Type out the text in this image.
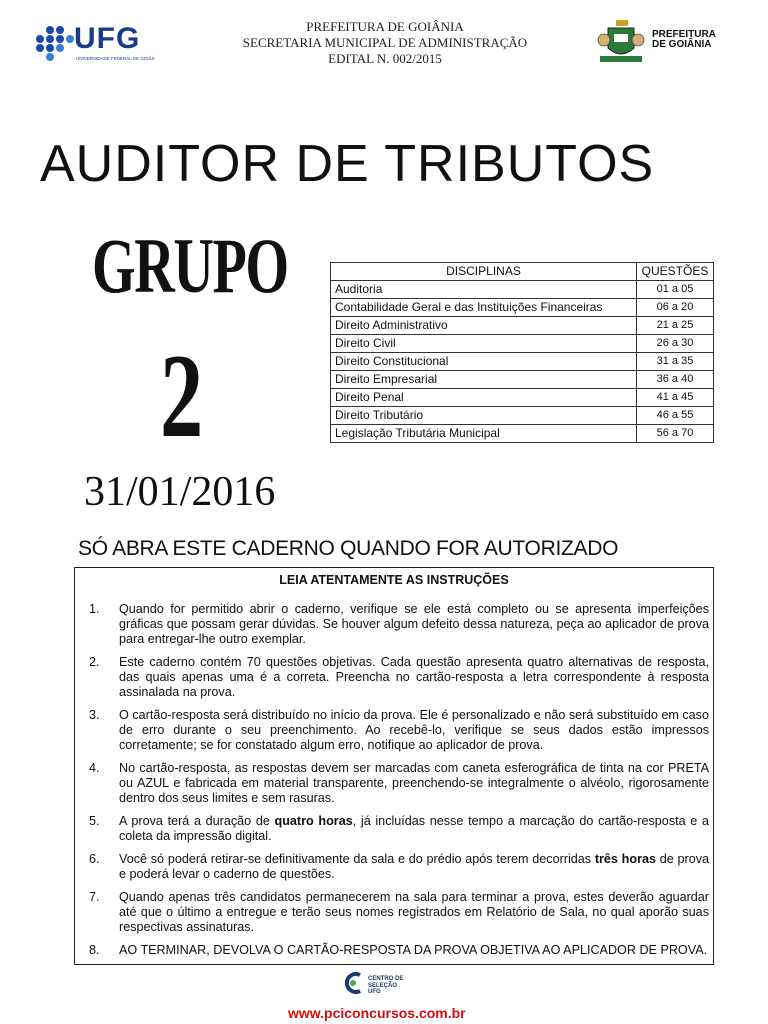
UFG
UNIVERSIDADE FEDERAL DE GOIÁS
PREFEITURA DE GOIÂNIA
SECRETARIA MUNICIPAL DE ADMINISTRAÇÃO
EDITAL N. 002/2015
PREFEITURA
DE GOIÂNIA
AUDITOR DE TRIBUTOS
GRUPO
2
31/01/2016
DISCIPLINAS	QUESTÕES
Auditoria	01 a 05
Contabilidade Geral e das Instituições Financeiras	06 a 20
Direito Administrativo	21 a 25
Direito Civil	26 a 30
Direito Constitucional	31 a 35
Direito Empresarial	36 a 40
Direito Penal	41 a 45
Direito Tributário	46 a 55
Legislação Tributária Municipal	56 a 70
SÓ ABRA ESTE CADERNO QUANDO FOR AUTORIZADO
LEIA ATENTAMENTE AS INSTRUÇÕES
1. Quando for permitido abrir o caderno, verifique se ele está completo ou se apresenta imperfeições gráficas que possam gerar dúvidas. Se houver algum defeito dessa natureza, peça ao aplicador de prova para entregar-lhe outro exemplar.
2. Este caderno contém 70 questões objetivas. Cada questão apresenta quatro alternativas de resposta, das quais apenas uma é a correta. Preencha no cartão-resposta a letra correspondente à resposta assinalada na prova.
3. O cartão-resposta será distribuído no início da prova. Ele é personalizado e não será substituído em caso de erro durante o seu preenchimento. Ao recebê-lo, verifique se seus dados estão impressos corretamente; se for constatado algum erro, notifique ao aplicador de prova.
4. No cartão-resposta, as respostas devem ser marcadas com caneta esferográfica de tinta na cor PRETA ou AZUL e fabricada em material transparente, preenchendo-se integralmente o alvéolo, rigorosamente dentro dos seus limites e sem rasuras.
5. A prova terá a duração de quatro horas, já incluídas nesse tempo a marcação do cartão-resposta e a coleta da impressão digital.
6. Você só poderá retirar-se definitivamente da sala e do prédio após terem decorridas três horas de prova e poderá levar o caderno de questões.
7. Quando apenas três candidatos permanecerem na sala para terminar a prova, estes deverão aguardar até que o último a entregue e terão seus nomes registrados em Relatório de Sala, no qual aporão suas respectivas assinaturas.
8. AO TERMINAR, DEVOLVA O CARTÃO-RESPOSTA DA PROVA OBJETIVA AO APLICADOR DE PROVA.
CENTRO DE
SELEÇÃO
UFG
www.pciconcursos.com.br
